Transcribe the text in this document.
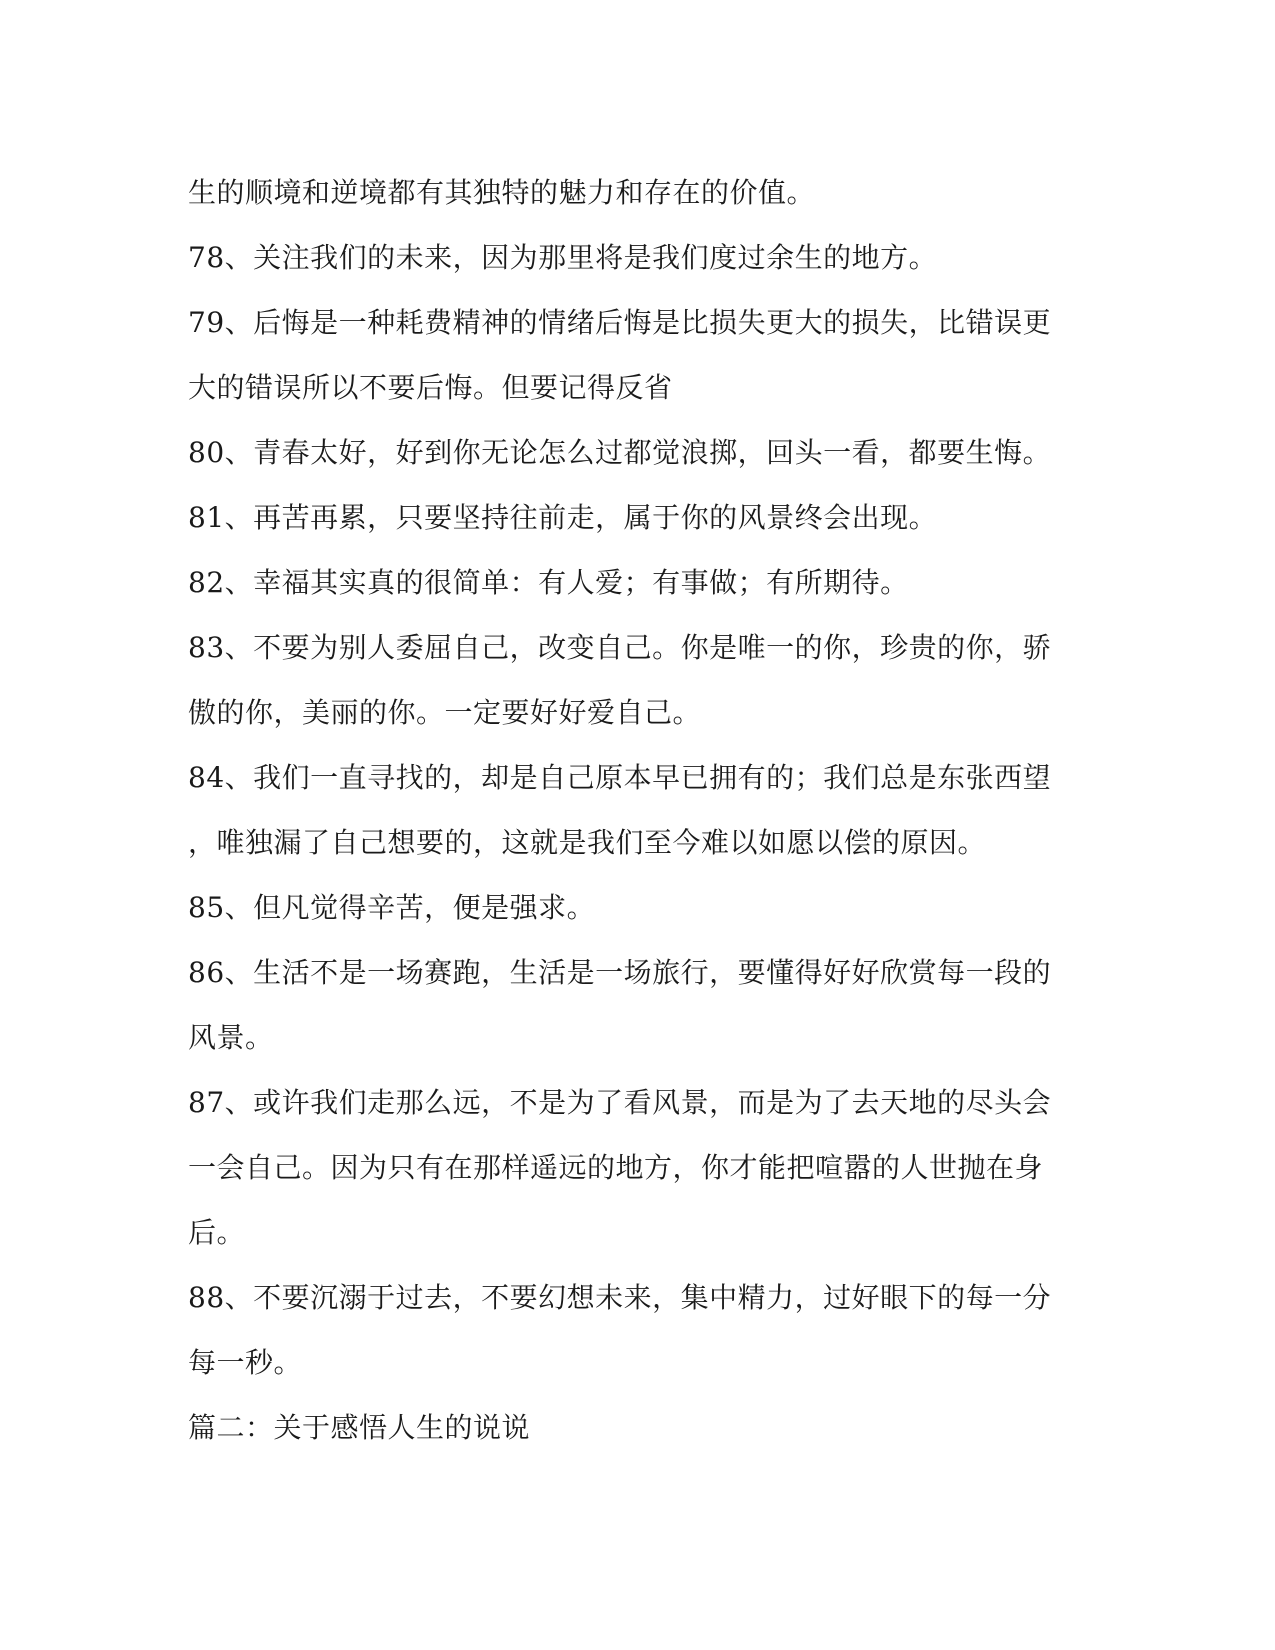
生的顺境和逆境都有其独特的魅力和存在的价值。
78、关注我们的未来，因为那里将是我们度过余生的地方。
79、后悔是一种耗费精神的情绪后悔是比损失更大的损失，比错误更
大的错误所以不要后悔。但要记得反省
80、青春太好，好到你无论怎么过都觉浪掷，回头一看，都要生悔。
81、再苦再累，只要坚持往前走，属于你的风景终会出现。
82、幸福其实真的很简单：有人爱；有事做；有所期待。
83、不要为别人委屈自己，改变自己。你是唯一的你，珍贵的你，骄
傲的你，美丽的你。一定要好好爱自己。
84、我们一直寻找的，却是自己原本早已拥有的；我们总是东张西望
，唯独漏了自己想要的，这就是我们至今难以如愿以偿的原因。
85、但凡觉得辛苦，便是强求。
86、生活不是一场赛跑，生活是一场旅行，要懂得好好欣赏每一段的
风景。
87、或许我们走那么远，不是为了看风景，而是为了去天地的尽头会
一会自己。因为只有在那样遥远的地方，你才能把喧嚣的人世抛在身
后。
88、不要沉溺于过去，不要幻想未来，集中精力，过好眼下的每一分
每一秒。
篇二：关于感悟人生的说说
